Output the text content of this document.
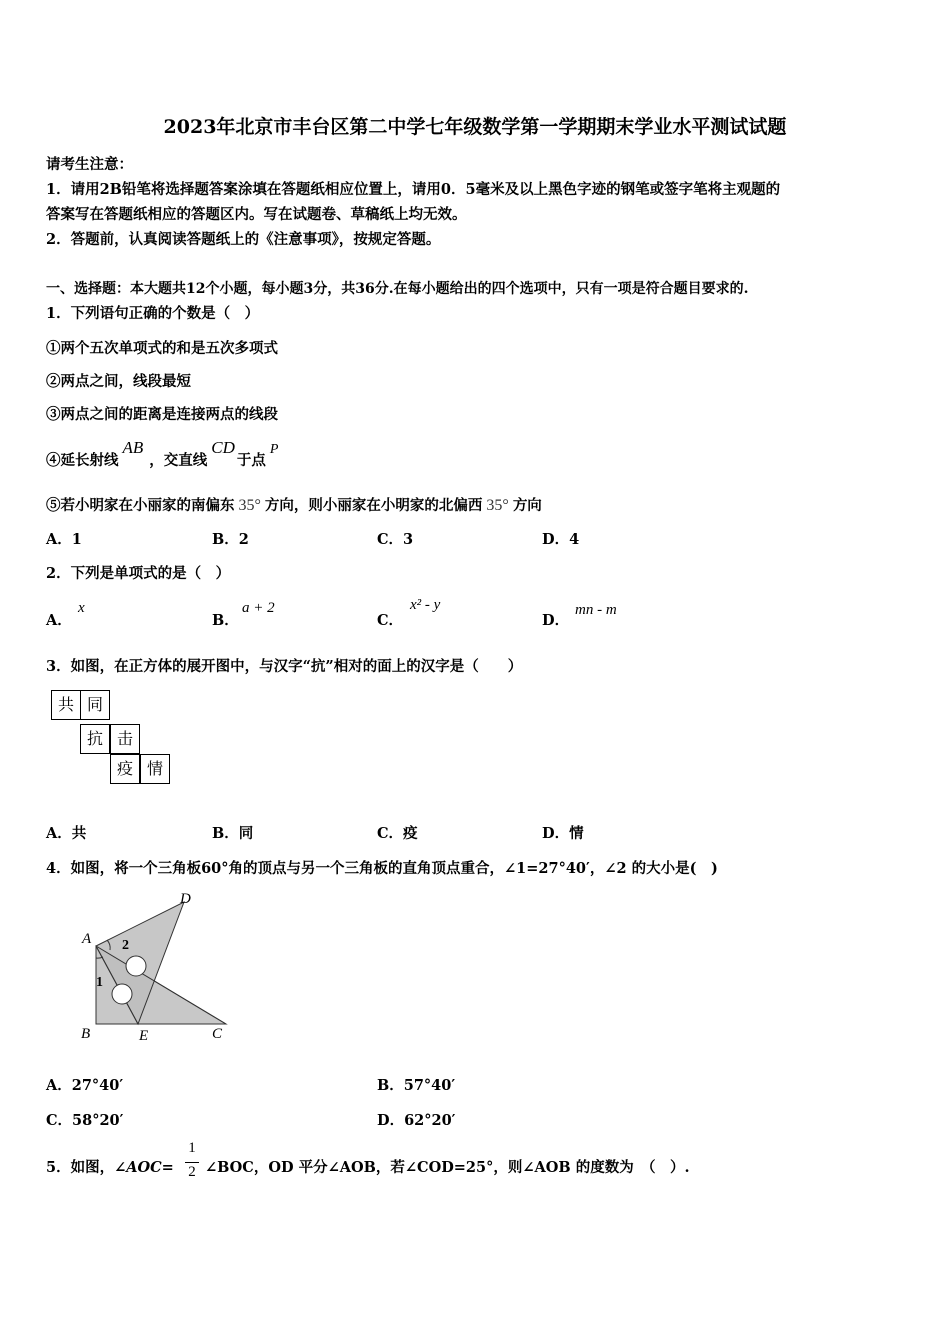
2023年北京市丰台区第二中学七年级数学第一学期期末学业水平测试试题
请考生注意：
1．请用2B铅笔将选择题答案涂填在答题纸相应位置上，请用0．5毫米及以上黑色字迹的钢笔或签字笔将主观题的
答案写在答题纸相应的答题区内。写在试题卷、草稿纸上均无效。
2．答题前，认真阅读答题纸上的《注意事项》，按规定答题。
一、选择题：本大题共12个小题，每小题3分，共36分.在每小题给出的四个选项中，只有一项是符合题目要求的.
1．下列语句正确的个数是（　）
①两个五次单项式的和是五次多项式
②两点之间，线段最短
③两点之间的距离是连接两点的线段
④延长射线AB，交直线CD于点P
⑤若小明家在小丽家的南偏东 35° 方向，则小丽家在小明家的北偏西 35° 方向
A．1	B．2	C．3	D．4
2．下列是单项式的是（　）
A．
x
B．
a + 2
C．
x² - y
D．
mn - m
3．如图，在正方体的展开图中，与汉字“抗”相对的面上的汉字是（　　）
共 同
抗 击
疫 情
A．共	B．同	C．疫	D．情
4．如图，将一个三角板60°角的顶点与另一个三角板的直角顶点重合，∠1=27°40′，∠2 的大小是(　)
D
A 2
1
B	E	C
A．27°40′	B．57°40′
C．58°20′	D．62°20′
5．如图，∠AOC=
1
2 ∠BOC，OD 平分∠AOB，若∠COD=25°，则∠AOB 的度数为　（　）.
